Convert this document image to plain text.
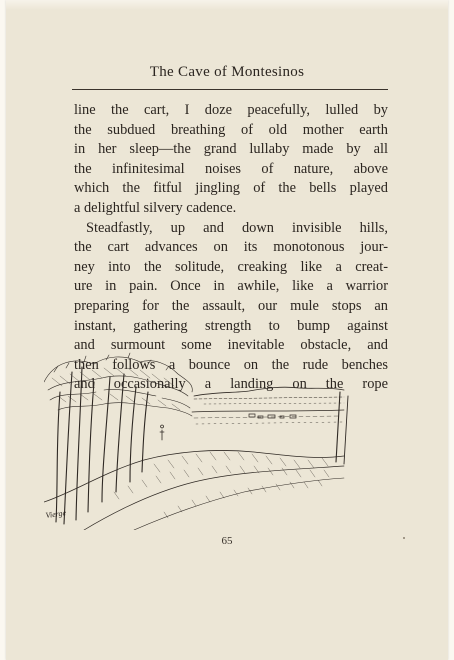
The Cave of Montesinos
line the cart, I doze peacefully, lulled by
the subdued breathing of old mother earth
in her sleep—the grand lullaby made by all
the infinitesimal noises of nature, above
which the fitful jingling of the bells played
a delightful silvery cadence.
Steadfastly, up and down invisible hills,
the cart advances on its monotonous jour-
ney into the solitude, creaking like a creat-
ure in pain. Once in awhile, like a warrior
preparing for the assault, our mule stops an
instant, gathering strength to bump against
and surmount some inevitable obstacle, and
then follows a bounce on the rude benches
and occasionally a landing on the rope
Vierge
65
